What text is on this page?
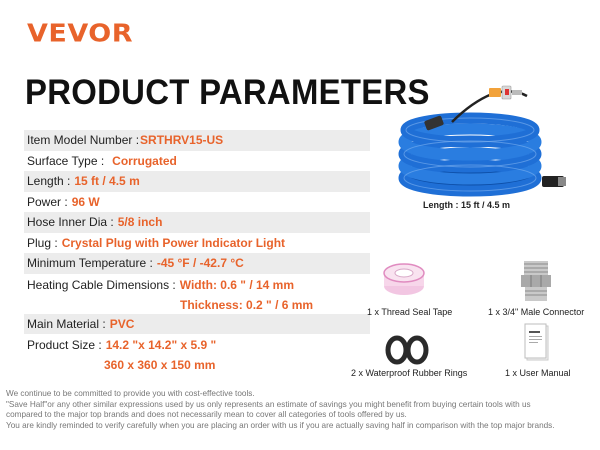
VEVOR
PRODUCT PARAMETERS
Item Model Number : SRTHRV15-US
Surface Type : Corrugated
Length : 15 ft / 4.5 m
Power : 96 W
Hose Inner Dia : 5/8 inch
Plug : Crystal Plug with Power Indicator Light
Minimum Temperature : -45 °F / -42.7 °C
Heating Cable Dimensions : Width: 0.6 " / 14 mm
Thickness: 0.2 " / 6 mm
Main Material : PVC
Product Size : 14.2 "x 14.2" x 5.9 "
360 x 360 x 150 mm
Length : 15 ft / 4.5 m
1 x Thread Seal Tape	1 x 3/4" Male Connector
2 x Waterproof Rubber Rings	1 x User Manual
We continue to be committed to provide you with cost-effective tools.
"Save Half"or any other similar expressions used by us only represents an estimate of savings you might benefit from buying certain tools with us
compared to the major top brands and does not necessarily mean to cover all categories of tools offered by us.
You are kindly reminded to verify carefully when you are placing an order with us if you are actually saving half in comparison with the top major brands.
